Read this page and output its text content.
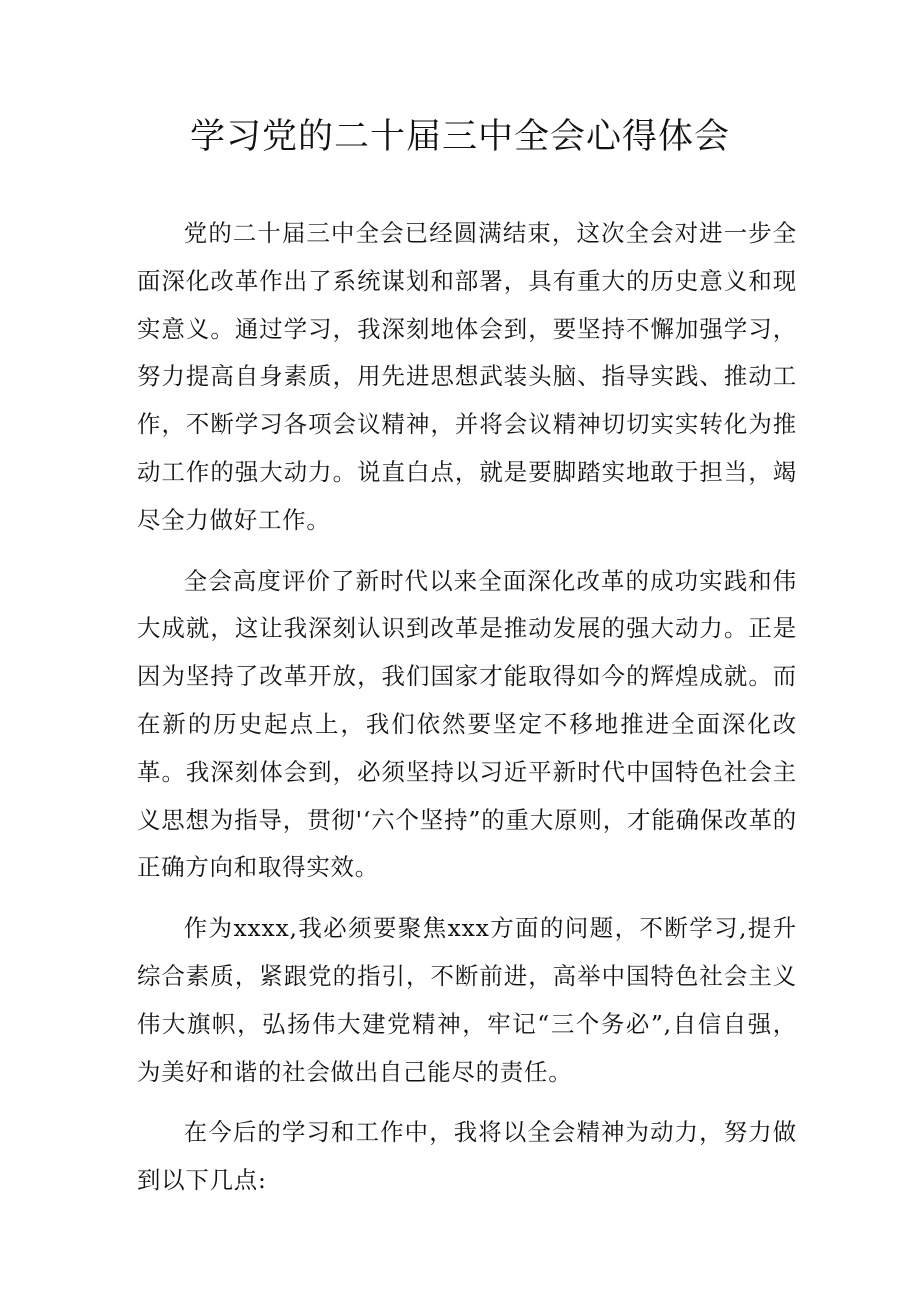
学习党的二十届三中全会心得体会

党的二十届三中全会已经圆满结束，这次全会对进一步全面深化改革作出了系统谋划和部署，具有重大的历史意义和现实意义。通过学习，我深刻地体会到，要坚持不懈加强学习，努力提高自身素质，用先进思想武装头脑、指导实践、推动工作，不断学习各项会议精神，并将会议精神切切实实转化为推动工作的强大动力。说直白点，就是要脚踏实地敢于担当，竭尽全力做好工作。

全会高度评价了新时代以来全面深化改革的成功实践和伟大成就，这让我深刻认识到改革是推动发展的强大动力。正是因为坚持了改革开放，我们国家才能取得如今的辉煌成就。而在新的历史起点上，我们依然要坚定不移地推进全面深化改革。我深刻体会到，必须坚持以习近平新时代中国特色社会主义思想为指导，贯彻'‘六个坚持”的重大原则，才能确保改革的正确方向和取得实效。

作为xxxx,我必须要聚焦xxx方面的问题，不断学习,提升综合素质，紧跟党的指引，不断前进，高举中国特色社会主义伟大旗帜，弘扬伟大建党精神，牢记“三个务必”,自信自强，为美好和谐的社会做出自己能尽的责任。

在今后的学习和工作中，我将以全会精神为动力，努力做到以下几点:
